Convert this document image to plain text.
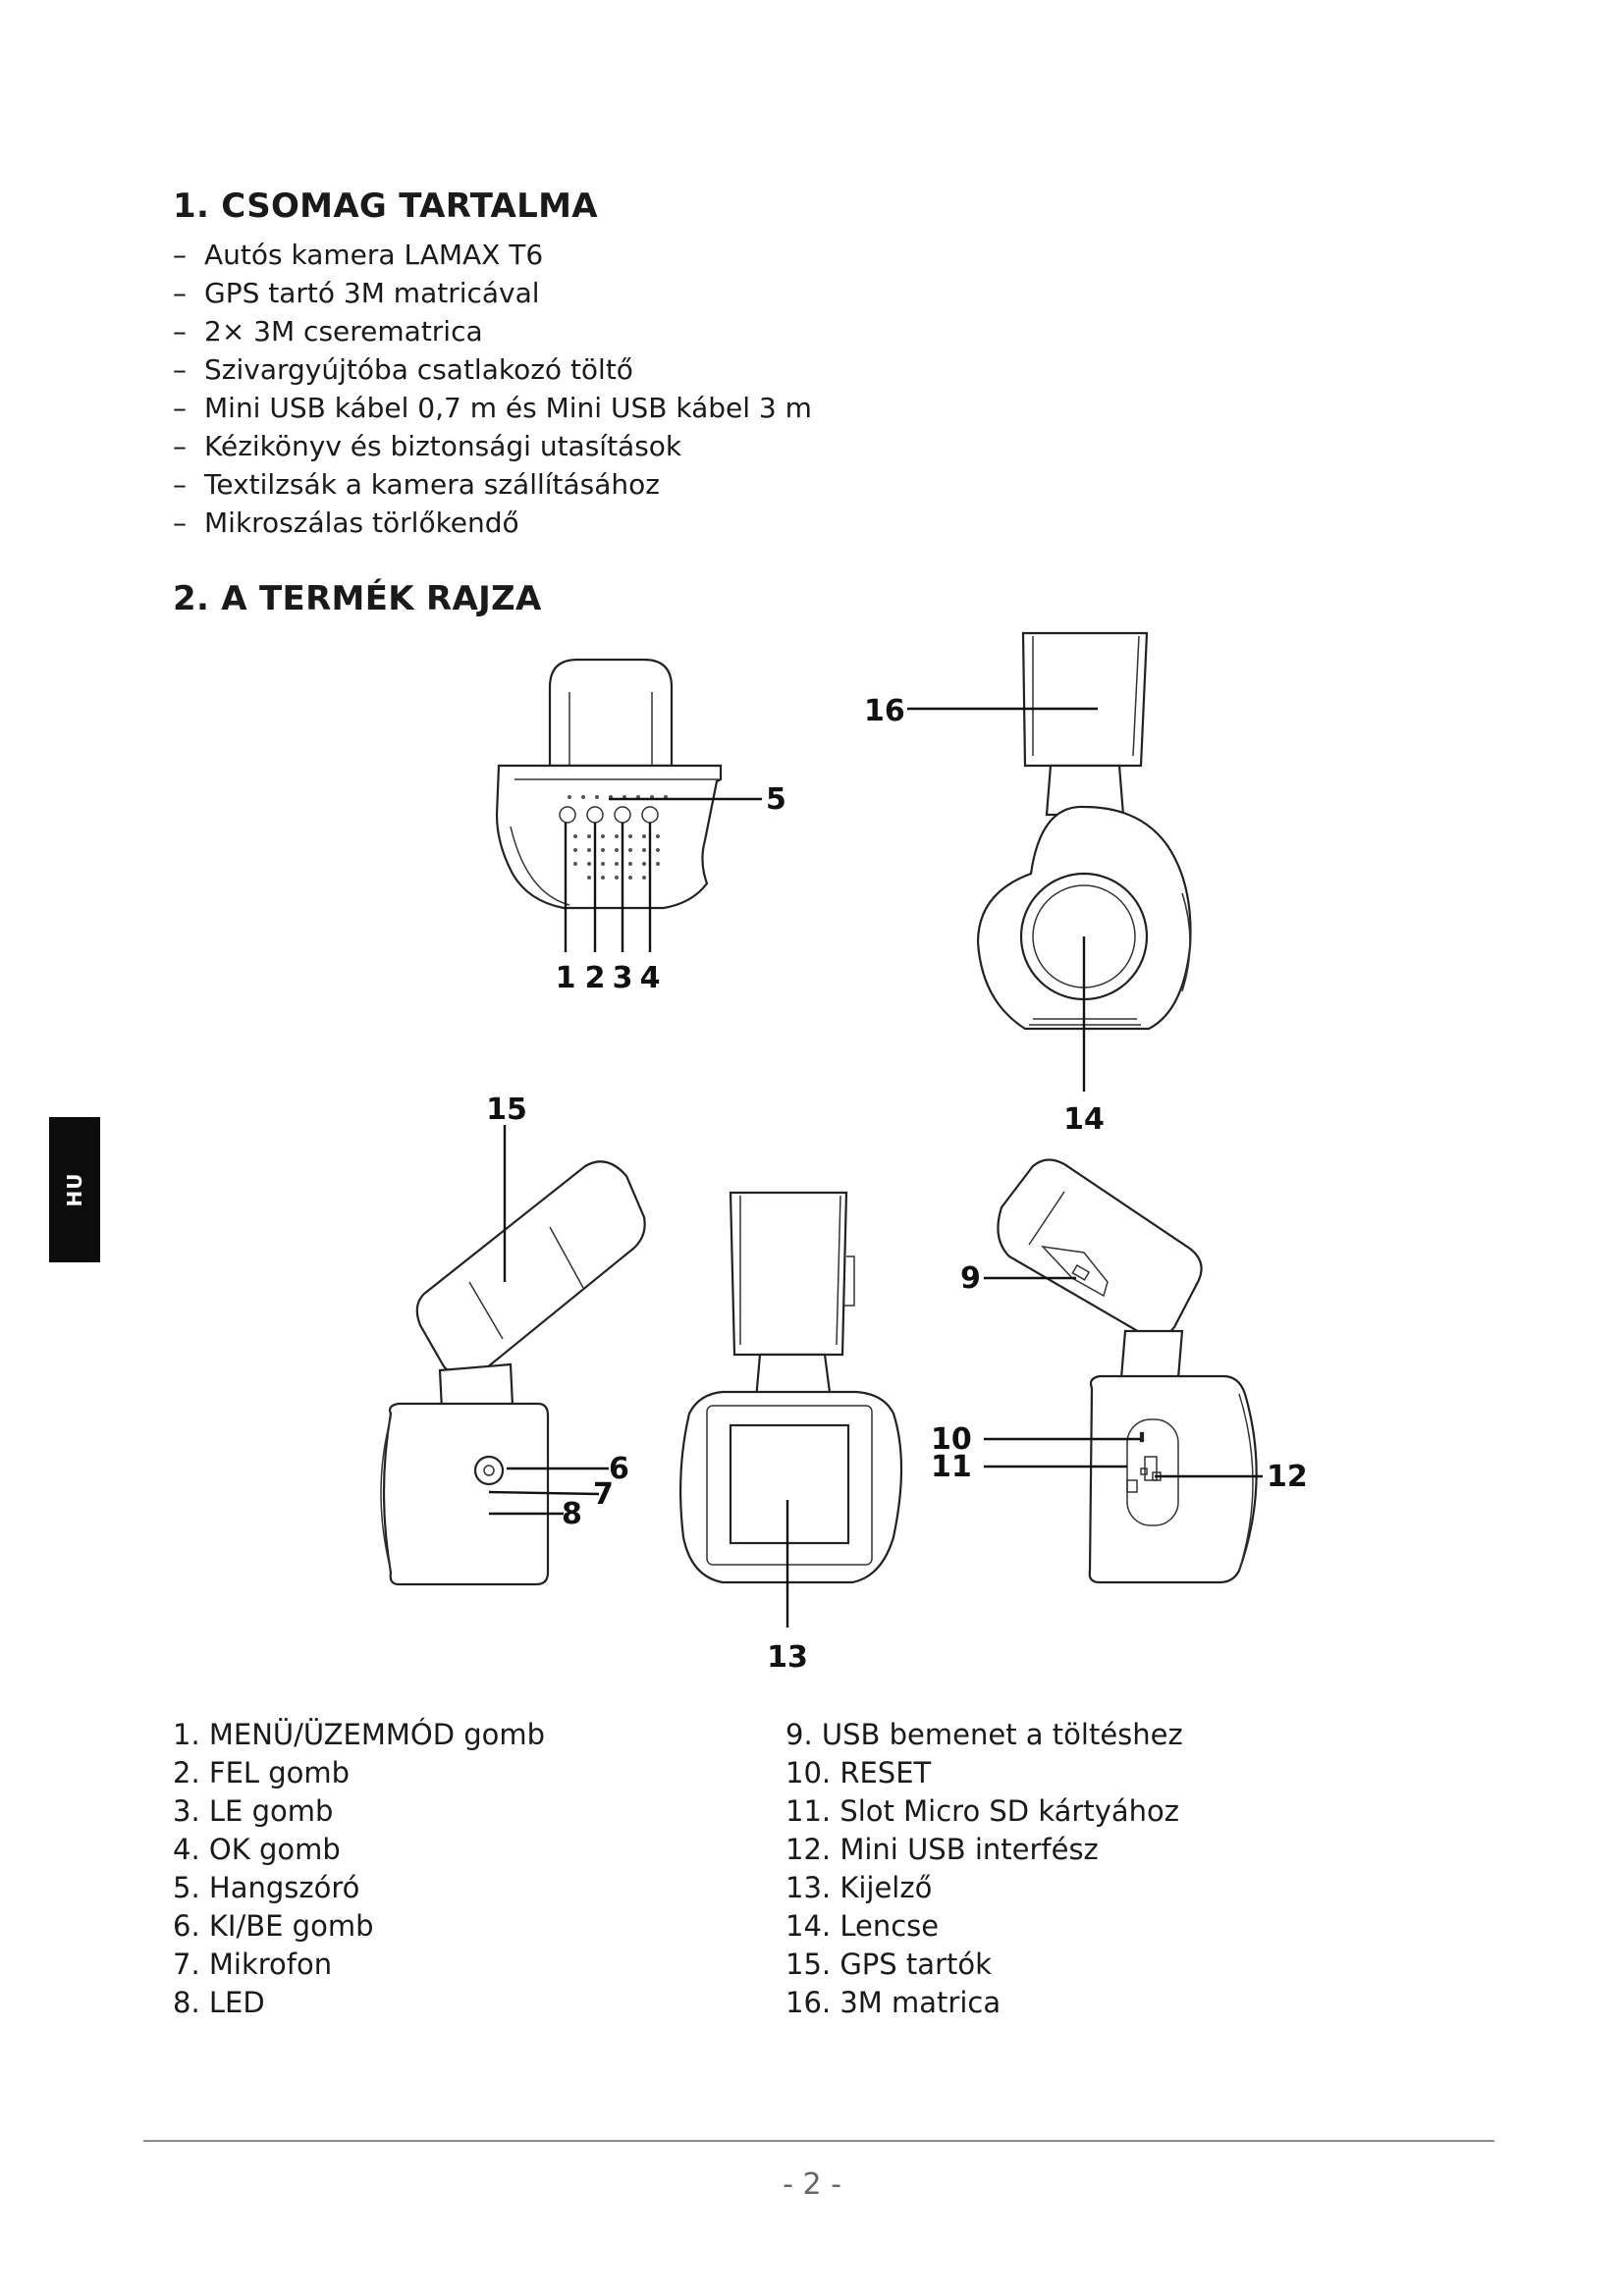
1. CSOMAG TARTALMA
– Autós kamera LAMAX T6
– GPS tartó 3M matricával
– 2× 3M cserematrica
– Szivargyújtóba csatlakozó töltő
– Mini USB kábel 0,7 m és Mini USB kábel 3 m
– Kézikönyv és biztonsági utasítások
– Textilzsák a kamera szállításához
– Mikroszálas törlőkendő
2. A TERMÉK RAJZA
HU
1 2 3 4
5
6
7
8
9
10
11	12
13
14
15
16
1. MENÜ/ÜZEMMÓD gomb
2. FEL gomb
3. LE gomb
4. OK gomb
5. Hangszóró
6. KI/BE gomb
7. Mikrofon
8. LED
9. USB bemenet a töltéshez
10. RESET
11. Slot Micro SD kártyához
12. Mini USB interfész
13. Kijelző
14. Lencse
15. GPS tartók
16. 3M matrica
- 2 -
